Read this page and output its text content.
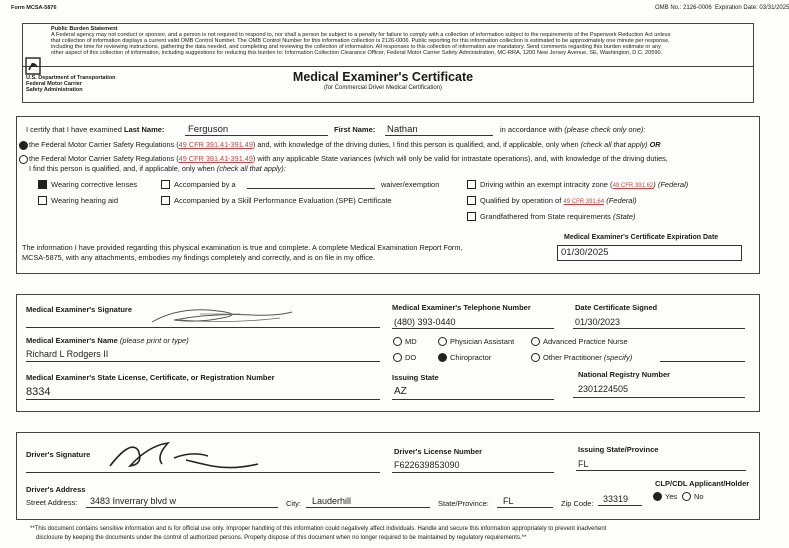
Form MCSA-5876	OMB No.: 2126-0006 Expiration Date: 03/31/2025
Public Burden Statement
A Federal agency may not conduct or sponsor, and a person is not required to respond to, nor shall a person be subject to a penalty for failure to comply with a collection of information subject to the requirements of the Paperwork Reduction Act unless
that collection of information displays a current valid OMB Control Number. The OMB Control Number for this information collection is 2126-0006. Public reporting for this information collection is estimated to be approximately one minute per response,
including the time for reviewing instructions, gathering the data needed, and completing and reviewing the collection of information. All responses to this collection of information are mandatory. Send comments regarding this burden estimate or any
other aspect of this collection of information, including suggestions for reducing this burden to: Information Collection Clearance Officer, Federal Motor Carrier Safety Administration, MC-RRA, 1200 New Jersey Avenue, SE, Washington, D.C. 20590.
U.S. Department of Transportation
Federal Motor Carrier
Safety Administration
Medical Examiner's Certificate
(for Commercial Driver Medical Certification)
I certify that I have examined Last Name: Ferguson	First Name: Nathan	in accordance with (please check only one):
the Federal Motor Carrier Safety Regulations (49 CFR 391.41-391.49) and, with knowledge of the driving duties, I find this person is qualified, and, if applicable, only when (check all that apply) OR
the Federal Motor Carrier Safety Regulations (49 CFR 391.41-391.49) with any applicable State variances (which will only be valid for intrastate operations), and, with knowledge of the driving duties,
I find this person is qualified, and, if applicable, only when (check all that apply):
Wearing corrective lenses
Wearing hearing aid
Accompanied by a	waiver/exemption
Accompanied by a Skill Performance Evaluation (SPE) Certificate
Driving within an exempt intracity zone (49 CFR 391.62) (Federal)
Qualified by operation of 49 CFR 391.64 (Federal)
Grandfathered from State requirements (State)
The information I have provided regarding this physical examination is true and complete. A complete Medical Examination Report Form,
MCSA-5875, with any attachments, embodies my findings completely and correctly, and is on file in my office.
Medical Examiner's Certificate Expiration Date
01/30/2025
Medical Examiner's Signature	Medical Examiner's Telephone Number
(480) 393-0440
Date Certificate Signed
01/30/2023
Medical Examiner's Name (please print or type)
Richard L Rodgers II
MD	Physician Assistant	Advanced Practice Nurse
DO	Chiropractor	Other Practitioner (specify)
Medical Examiner's State License, Certificate, or Registration Number
8334
Issuing State
AZ
National Registry Number
2301224505
Driver's Signature	Driver's License Number
F622639853090
Issuing State/Province
FL
Driver's Address
Street Address: 3483 Inverrary blvd w	City: Lauderhill	State/Province: FL	Zip Code: 33319
CLP/CDL Applicant/Holder
Yes No
**This document contains sensitive information and is for official use only. Improper handling of this information could negatively affect individuals. Handle and secure this information appropriately to prevent inadvertent
disclosure by keeping the documents under the control of authorized persons. Properly dispose of this document when no longer required to be maintained by regulatory requirements.**
